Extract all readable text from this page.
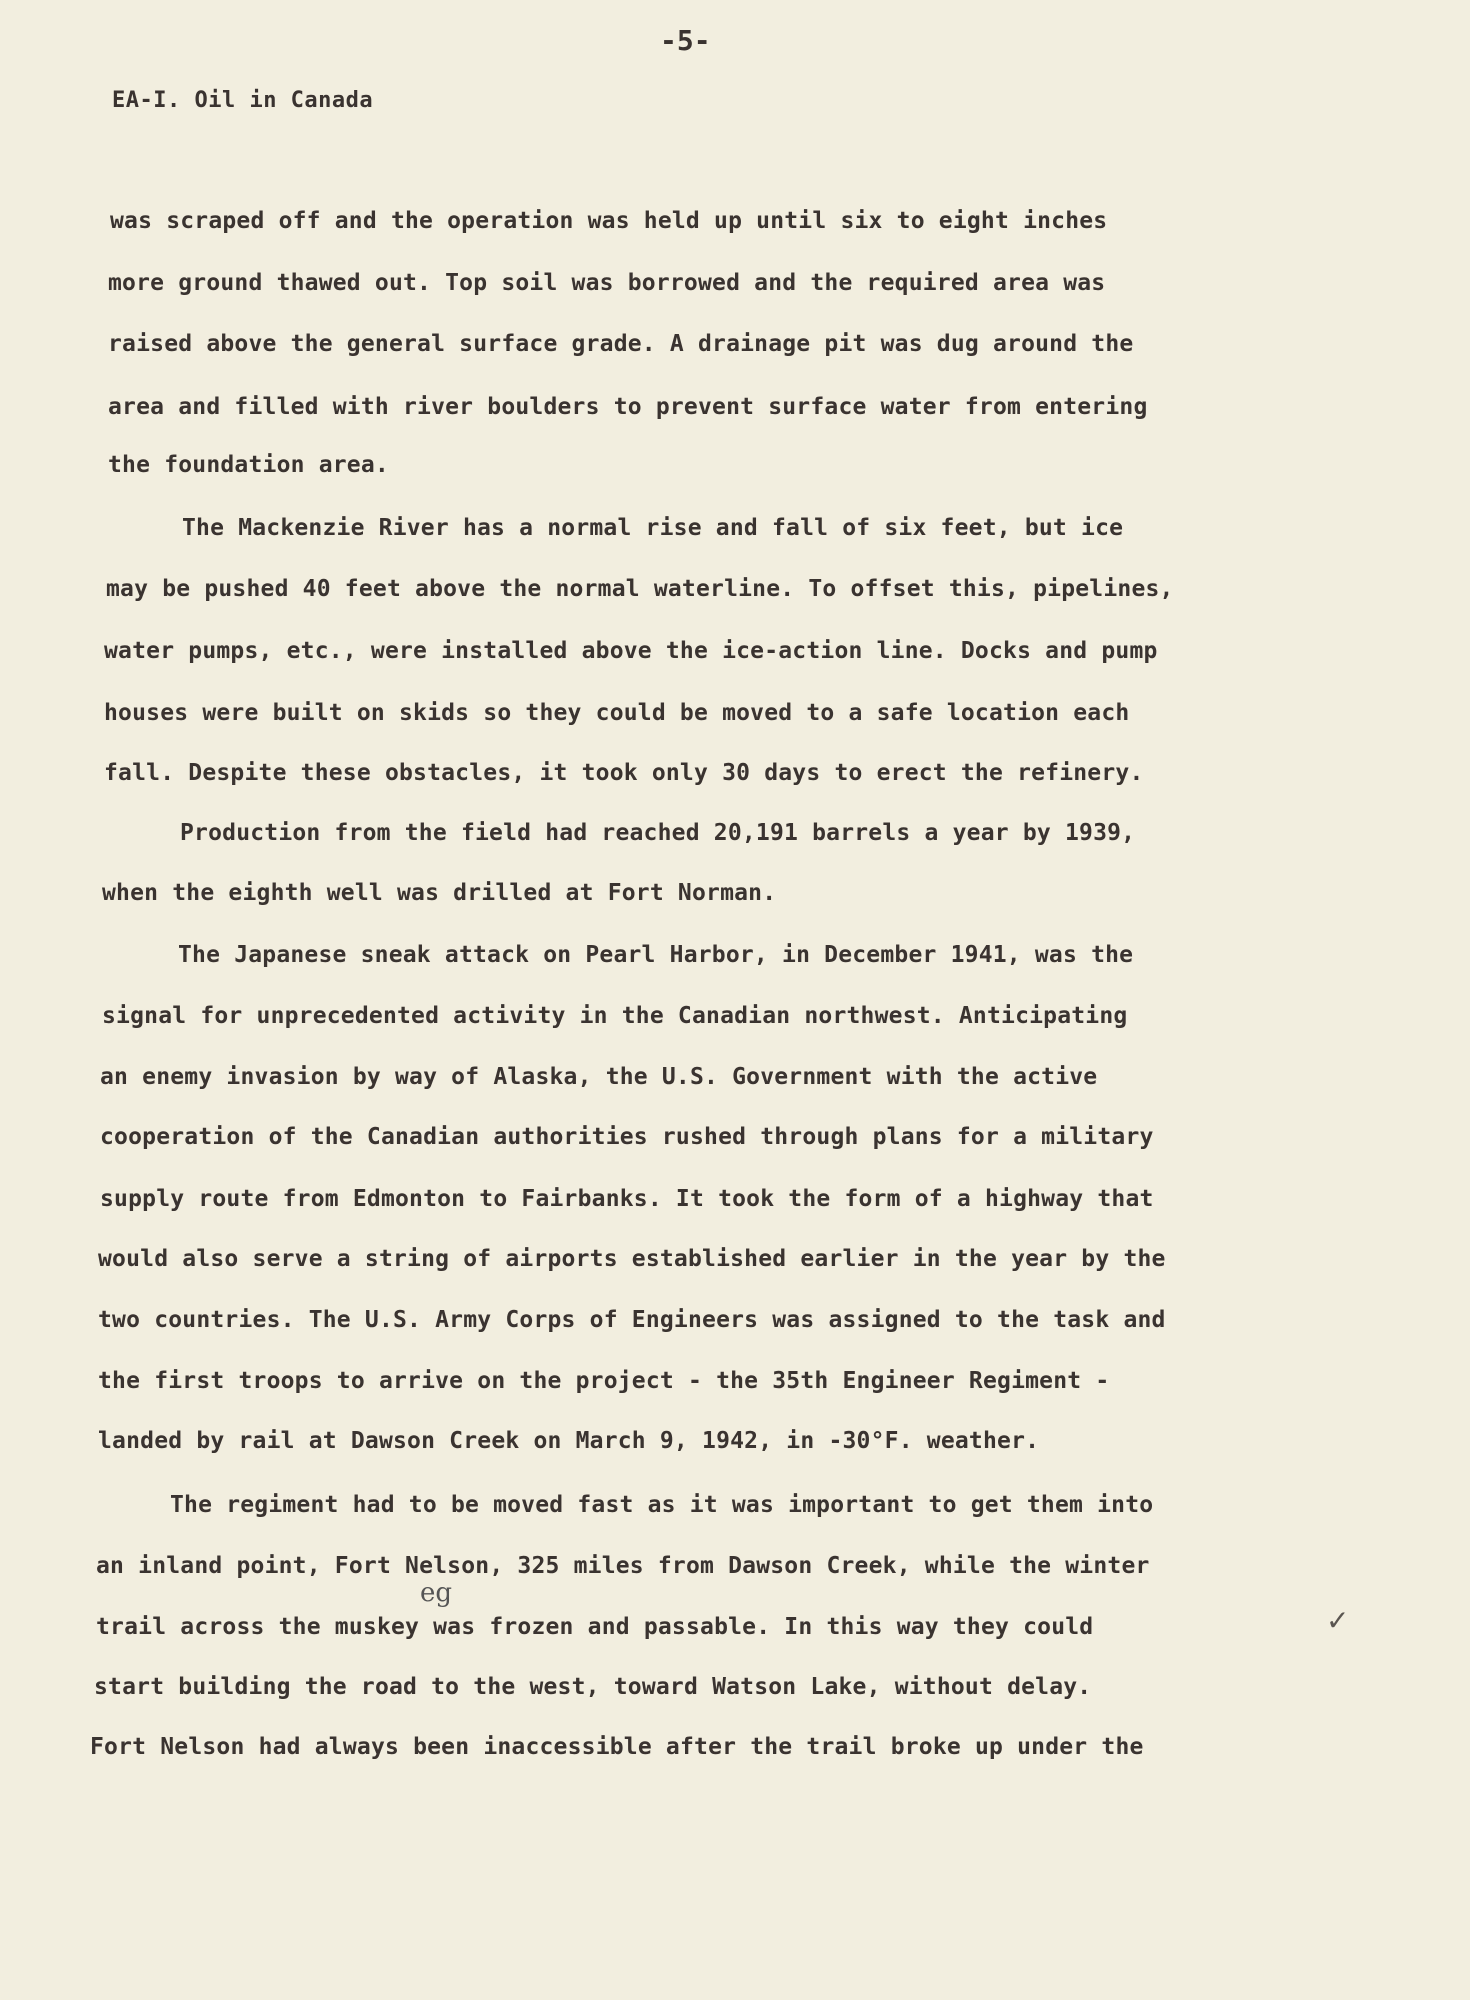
-5-
EA-I. Oil in Canada
was scraped off and the operation was held up until six to eight inches
more ground thawed out. Top soil was borrowed and the required area was
raised above the general surface grade. A drainage pit was dug around the
area and filled with river boulders to prevent surface water from entering
the foundation area.
The Mackenzie River has a normal rise and fall of six feet, but ice
may be pushed 40 feet above the normal waterline. To offset this, pipelines,
water pumps, etc., were installed above the ice-action line. Docks and pump
houses were built on skids so they could be moved to a safe location each
fall. Despite these obstacles, it took only 30 days to erect the refinery.
Production from the field had reached 20,191 barrels a year by 1939,
when the eighth well was drilled at Fort Norman.
The Japanese sneak attack on Pearl Harbor, in December 1941, was the
signal for unprecedented activity in the Canadian northwest. Anticipating
an enemy invasion by way of Alaska, the U.S. Government with the active
cooperation of the Canadian authorities rushed through plans for a military
supply route from Edmonton to Fairbanks. It took the form of a highway that
would also serve a string of airports established earlier in the year by the
two countries. The U.S. Army Corps of Engineers was assigned to the task and
the first troops to arrive on the project - the 35th Engineer Regiment -
landed by rail at Dawson Creek on March 9, 1942, in -30°F. weather.
The regiment had to be moved fast as it was important to get them into
an inland point, Fort Nelson, 325 miles from Dawson Creek, while the winter
trail across the muskey was frozen and passable. In this way they could
start building the road to the west, toward Watson Lake, without delay.
Fort Nelson had always been inaccessible after the trail broke up under the
eg
✓
